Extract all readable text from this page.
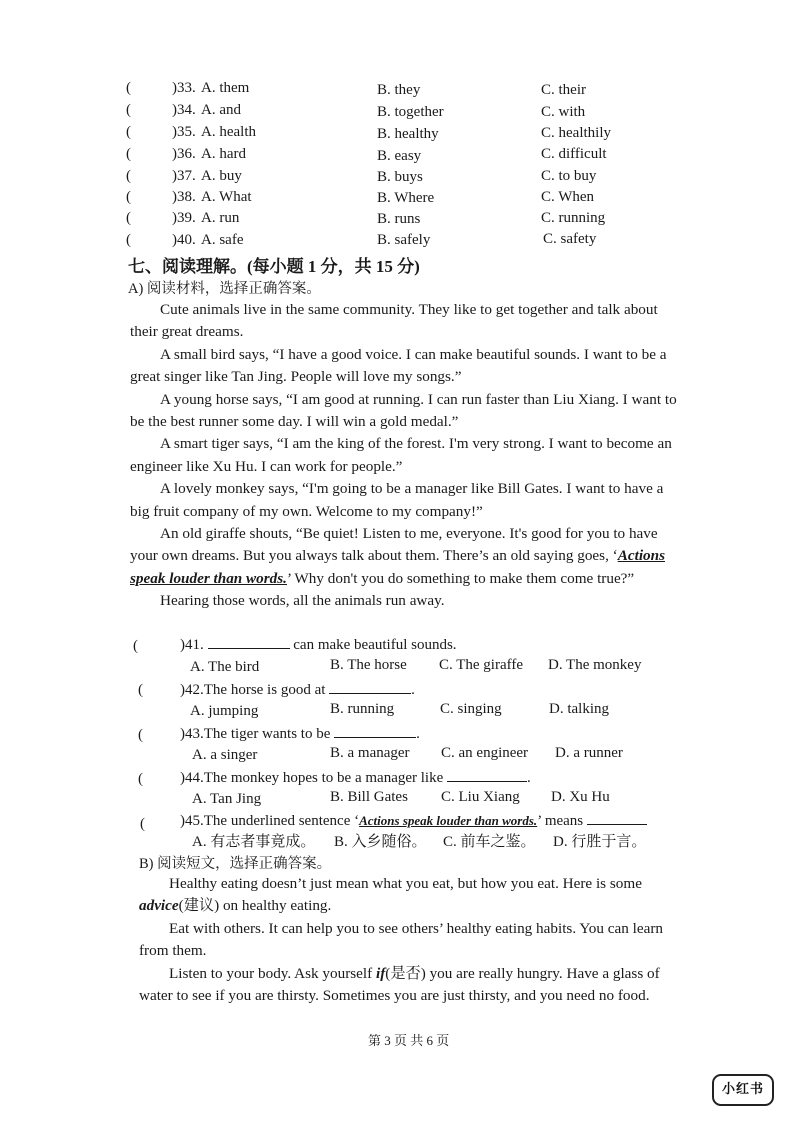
(	)33. A. them	B. they	C. their
(	)34. A. and	B. together	C. with
(	)35. A. health	B. healthy	C. healthily
(	)36. A. hard	B. easy	C. difficult
(	)37. A. buy	B. buys	C. to buy
(	)38. A. What	B. Where	C. When
(	)39. A. run	B. runs	C. running
(	)40. A. safe	B. safely	C. safety
七、阅读理解。(每小题 1 分，共 15 分)
A) 阅读材料，选择正确答案。

Cute animals live in the same community. They like to get together and talk about their great dreams.

A small bird says, “I have a good voice. I can make beautiful sounds. I want to be a great singer like Tan Jing. People will love my songs.”

A young horse says, “I am good at running. I can run faster than Liu Xiang. I want to be the best runner some day. I will win a gold medal.”

A smart tiger says, “I am the king of the forest. I'm very strong. I want to become an engineer like Xu Hu. I can work for people.”

A lovely monkey says, “I'm going to be a manager like Bill Gates. I want to have a big fruit company of my own. Welcome to my company!”

An old giraffe shouts, “Be quiet! Listen to me, everyone. It's good for you to have your own dreams. But you always talk about them. There’s an old saying goes, ‘Actions speak louder than words.’ Why don't you do something to make them come true?”

Hearing those words, all the animals run away.

(	)41.	can make beautiful sounds.
A. The bird	B. The horse C. The giraffe D. The monkey
( )42.The horse is good at	.
A. jumping	B. running	C. singing	D. talking
( )43.The tiger wants to be	.
A. a singer	B. a manager C. an engineer D. a runner
( )44.The monkey hopes to be a manager like	.
A. Tan Jing	B. Bill Gates C. Liu Xiang D. Xu Hu
( )45.The underlined sentence ‘Actions speak louder than words.’ means
A. 有志者事竟成。 B. 入乡随俗。 C. 前车之鉴。 D. 行胜于言。
B) 阅读短文，选择正确答案。

Healthy eating doesn’t just mean what you eat, but how you eat. Here is some advice(建议) on healthy eating.

Eat with others. It can help you to see others’ healthy eating habits. You can learn from them.

Listen to your body. Ask yourself if(是否) you are really hungry. Have a glass of water to see if you are thirsty. Sometimes you are just thirsty, and you need no food.

第 3 页 共 6 页
小红书
